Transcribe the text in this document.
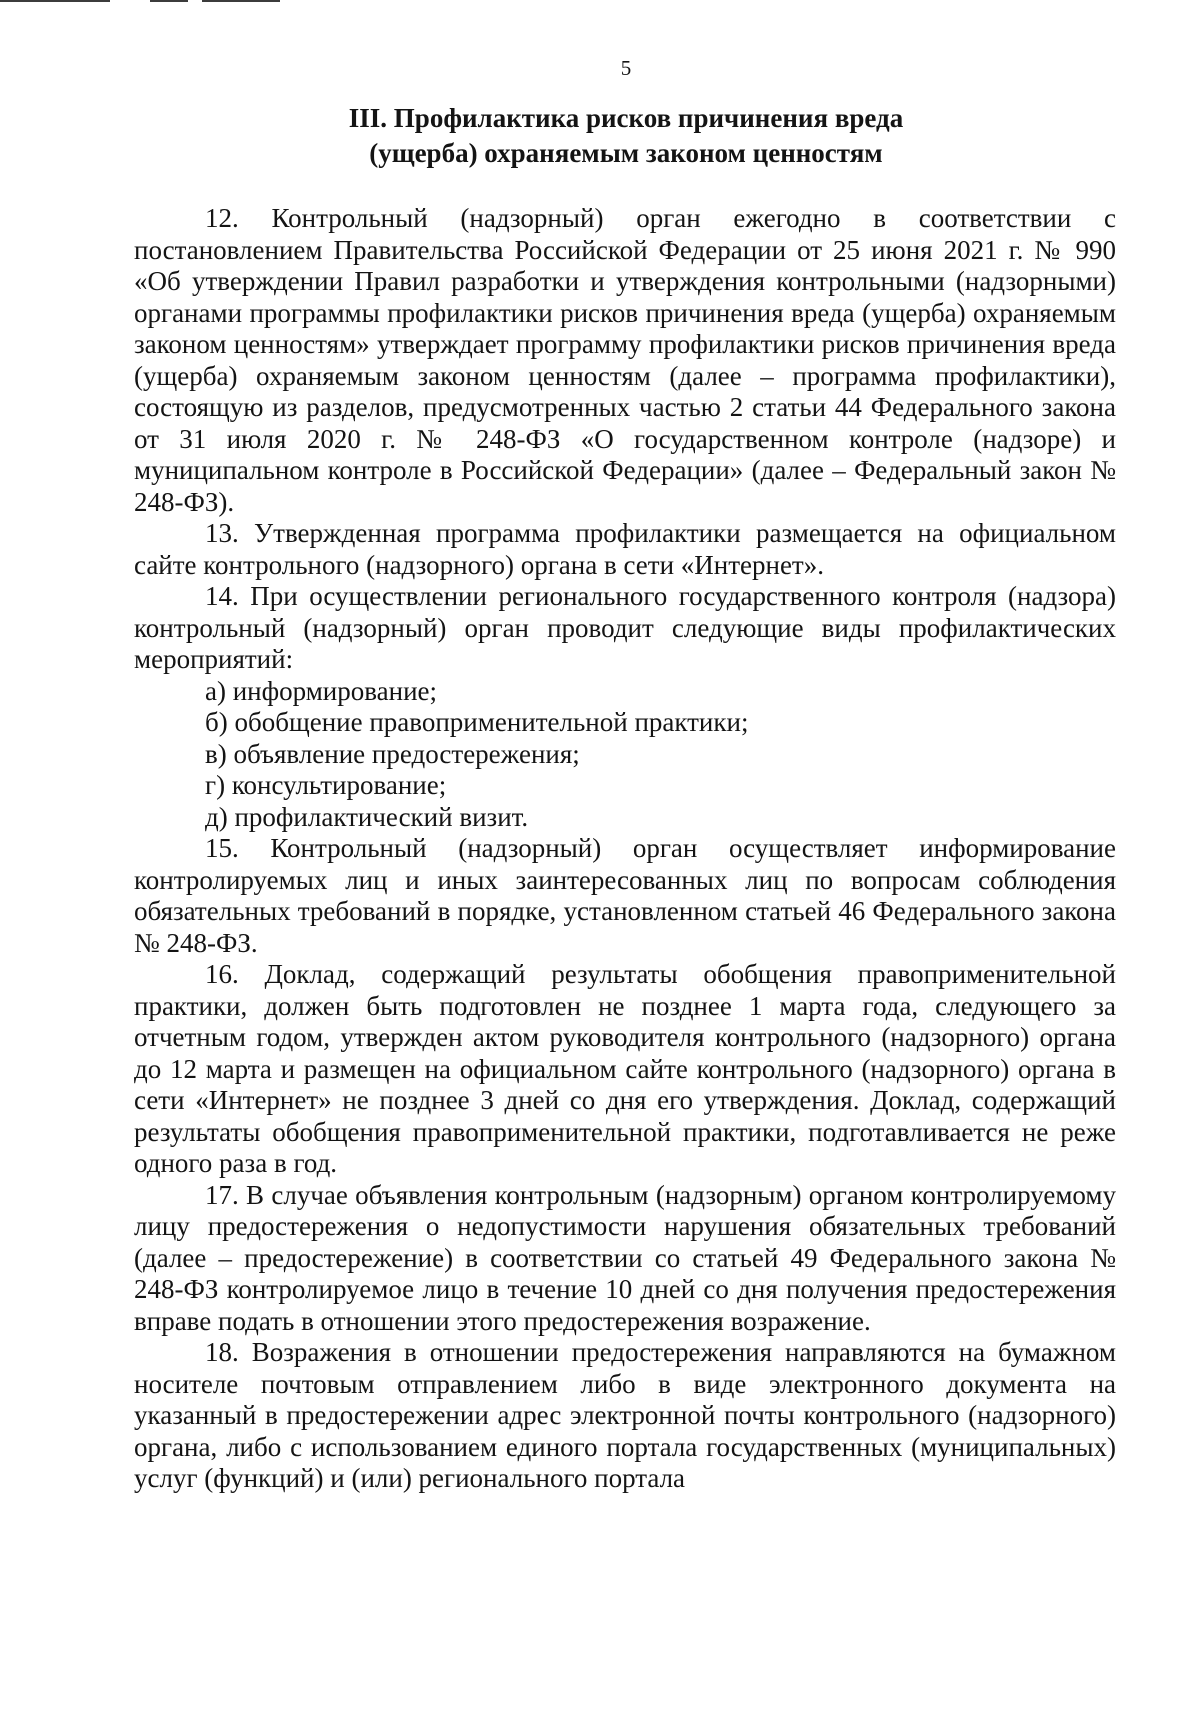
5
III. Профилактика рисков причинения вреда
(ущерба) охраняемым законом ценностям

12. Контрольный (надзорный) орган ежегодно в соответствии с постановлением Правительства Российской Федерации от 25 июня 2021 г. № 990 «Об утверждении Правил разработки и утверждения контрольными (надзорными) органами программы профилактики рисков причинения вреда (ущерба) охраняемым законом ценностям» утверждает программу профилактики рисков причинения вреда (ущерба) охраняемым законом ценностям (далее – программа профилактики), состоящую из разделов, предусмотренных частью 2 статьи 44 Федерального закона от 31 июля 2020 г. № 248-ФЗ «О государственном контроле (надзоре) и муниципальном контроле в Российской Федерации» (далее – Федеральный закон № 248-ФЗ).

13. Утвержденная программа профилактики размещается на официальном сайте контрольного (надзорного) органа в сети «Интернет».

14. При осуществлении регионального государственного контроля (надзора) контрольный (надзорный) орган проводит следующие виды профилактических мероприятий:

а) информирование;

б) обобщение правоприменительной практики;

в) объявление предостережения;

г) консультирование;

д) профилактический визит.

15. Контрольный (надзорный) орган осуществляет информирование контролируемых лиц и иных заинтересованных лиц по вопросам соблюдения обязательных требований в порядке, установленном статьей 46 Федерального закона № 248-ФЗ.

16. Доклад, содержащий результаты обобщения правоприменительной практики, должен быть подготовлен не позднее 1 марта года, следующего за отчетным годом, утвержден актом руководителя контрольного (надзорного) органа до 12 марта и размещен на официальном сайте контрольного (надзорного) органа в сети «Интернет» не позднее 3 дней со дня его утверждения. Доклад, содержащий результаты обобщения правоприменительной практики, подготавливается не реже одного раза в год.

17. В случае объявления контрольным (надзорным) органом контролируемому лицу предостережения о недопустимости нарушения обязательных требований (далее – предостережение) в соответствии со статьей 49 Федерального закона № 248-ФЗ контролируемое лицо в течение 10 дней со дня получения предостережения вправе подать в отношении этого предостережения возражение.

18. Возражения в отношении предостережения направляются на бумажном носителе почтовым отправлением либо в виде электронного документа на указанный в предостережении адрес электронной почты контрольного (надзорного) органа, либо с использованием единого портала государственных (муниципальных) услуг (функций) и (или) регионального портала
